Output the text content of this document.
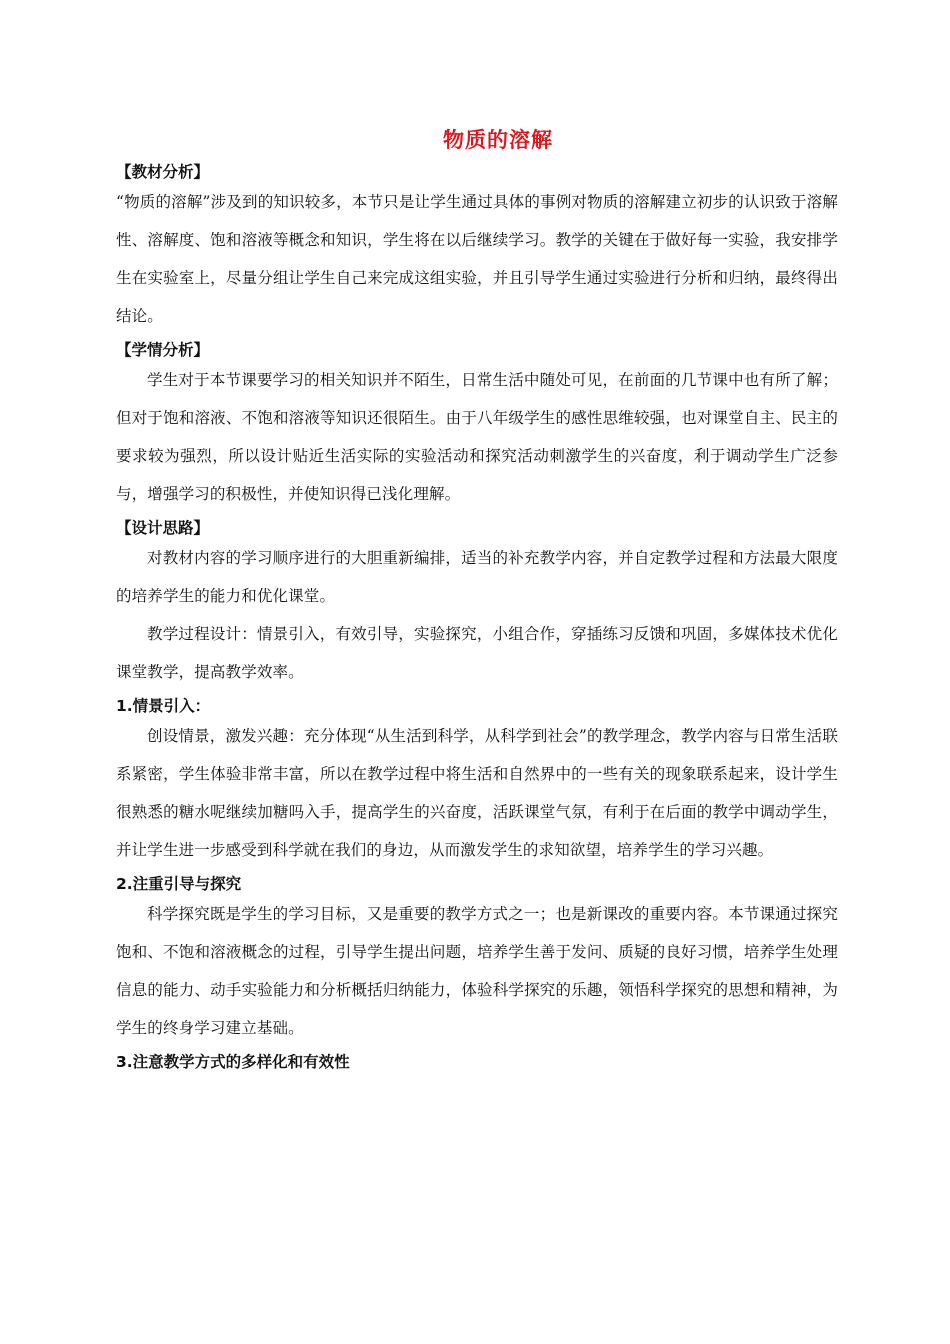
物质的溶解
【教材分析】

“物质的溶解”涉及到的知识较多，本节只是让学生通过具体的事例对物质的溶解建立初步的认识致于溶解性、溶解度、饱和溶液等概念和知识，学生将在以后继续学习。教学的关键在于做好每一实验，我安排学生在实验室上，尽量分组让学生自己来完成这组实验，并且引导学生通过实验进行分析和归纳，最终得出结论。

【学情分析】

学生对于本节课要学习的相关知识并不陌生，日常生活中随处可见，在前面的几节课中也有所了解；但对于饱和溶液、不饱和溶液等知识还很陌生。由于八年级学生的感性思维较强，也对课堂自主、民主的要求较为强烈，所以设计贴近生活实际的实验活动和探究活动刺激学生的兴奋度，利于调动学生广泛参与，增强学习的积极性，并使知识得已浅化理解。

【设计思路】

对教材内容的学习顺序进行的大胆重新编排，适当的补充教学内容，并自定教学过程和方法最大限度的培养学生的能力和优化课堂。

教学过程设计：情景引入，有效引导，实验探究，小组合作，穿插练习反馈和巩固，多媒体技术优化课堂教学，提高教学效率。

1.情景引入：

创设情景，激发兴趣：充分体现“从生活到科学，从科学到社会”的教学理念，教学内容与日常生活联系紧密，学生体验非常丰富，所以在教学过程中将生活和自然界中的一些有关的现象联系起来，设计学生很熟悉的糖水呢继续加糖吗入手，提高学生的兴奋度，活跃课堂气氛，有利于在后面的教学中调动学生，并让学生进一步感受到科学就在我们的身边，从而激发学生的求知欲望，培养学生的学习兴趣。

2.注重引导与探究

科学探究既是学生的学习目标，又是重要的教学方式之一；也是新课改的重要内容。本节课通过探究饱和、不饱和溶液概念的过程，引导学生提出问题，培养学生善于发问、质疑的良好习惯，培养学生处理信息的能力、动手实验能力和分析概括归纳能力，体验科学探究的乐趣，领悟科学探究的思想和精神，为学生的终身学习建立基础。

3.注意教学方式的多样化和有效性
